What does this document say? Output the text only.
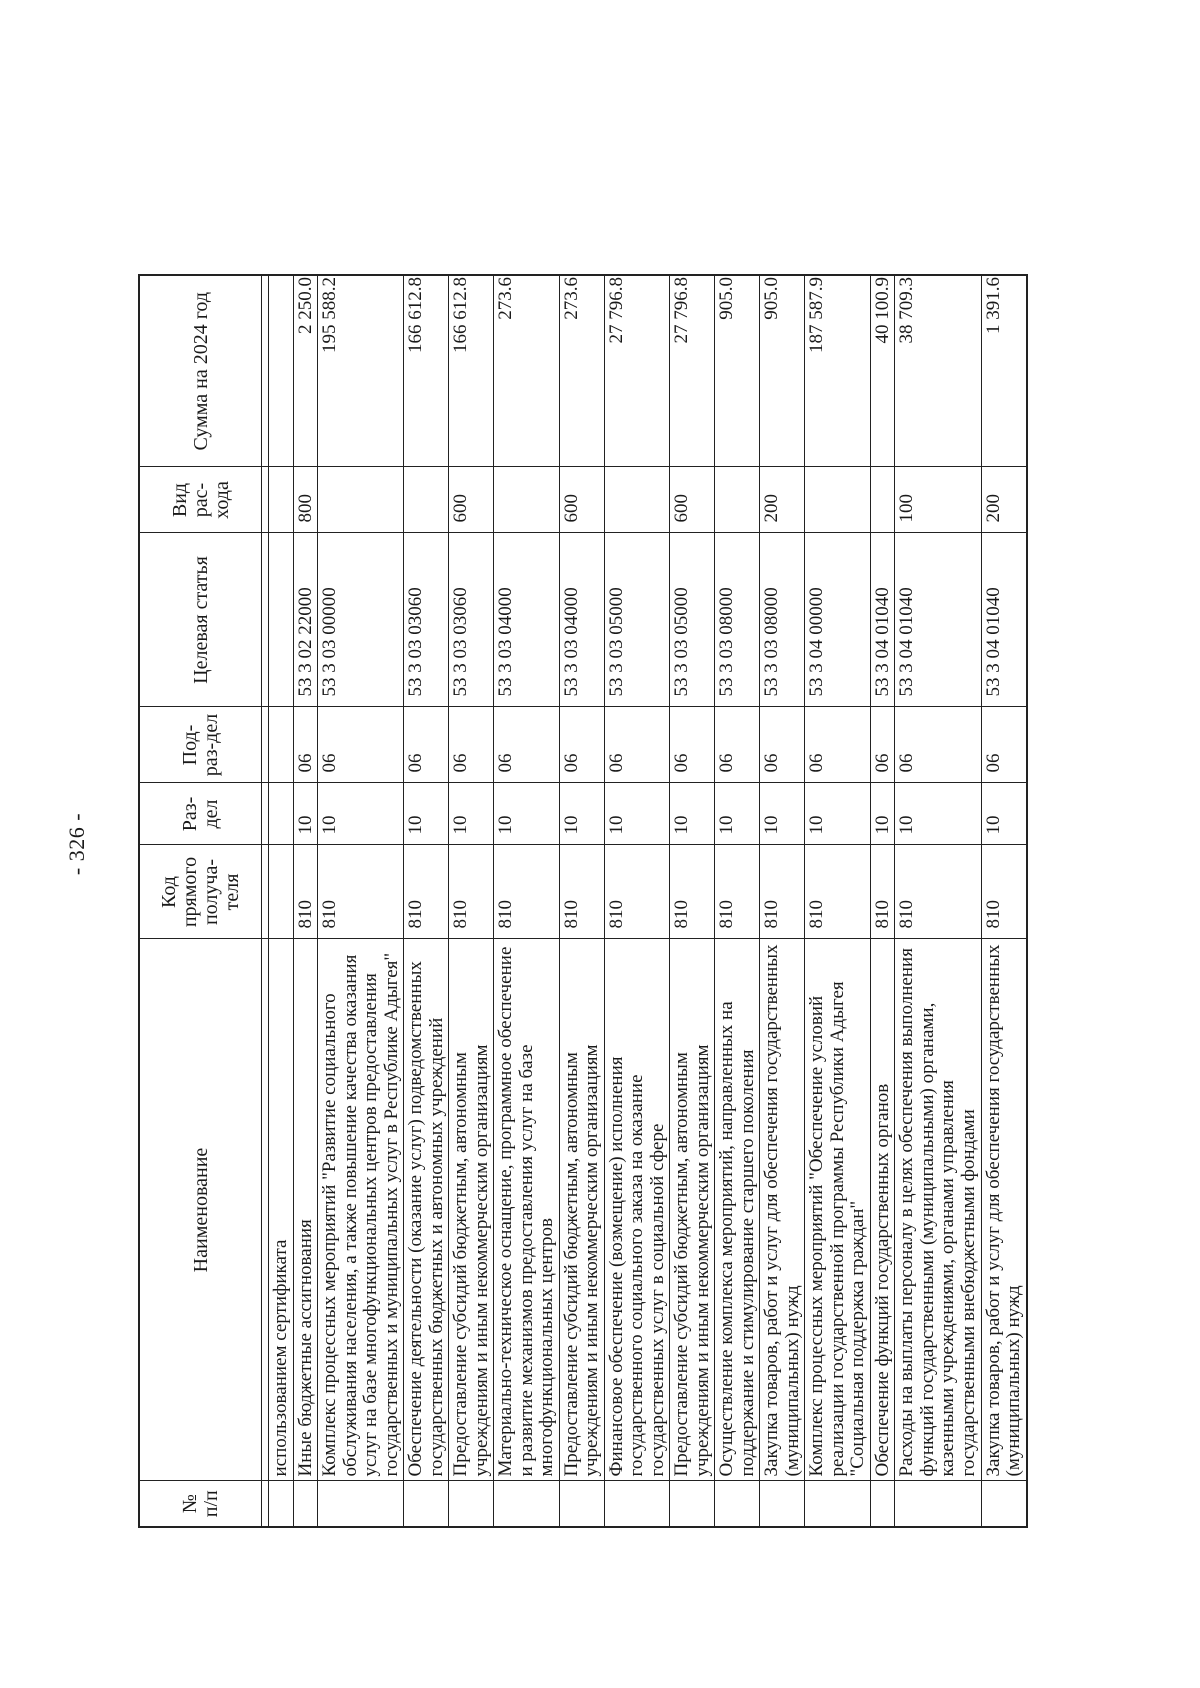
- 326 -
№ п/п	Наименование	Код прямого получа-теля	Раз-дел	Под-раз-дел	Целевая статья	Вид рас-хода	Сумма на 2024 год

	использованием сертификата						
	Иные бюджетные ассигнования	810	10	06	53 3 02 22000	800	2 250.0
	Комплекс процессных мероприятий "Развитие социального обслуживания населения, а также повышение качества оказания услуг на базе многофункциональных центров предоставления государственных и муниципальных услуг в Республике Адыгея"	810	10	06	53 3 03 00000		195 588.2
	Обеспечение деятельности (оказание услуг) подведомственных государственных бюджетных и автономных учреждений	810	10	06	53 3 03 03060		166 612.8
	Предоставление субсидий бюджетным, автономным учреждениям и иным некоммерческим организациям	810	10	06	53 3 03 03060	600	166 612.8
	Материально-техническое оснащение, программное обеспечение и развитие механизмов предоставления услуг на базе многофункциональных центров	810	10	06	53 3 03 04000		273.6
	Предоставление субсидий бюджетным, автономным учреждениям и иным некоммерческим организациям	810	10	06	53 3 03 04000	600	273.6
	Финансовое обеспечение (возмещение) исполнения государственного социального заказа на оказание государственных услуг в социальной сфере	810	10	06	53 3 03 05000		27 796.8
	Предоставление субсидий бюджетным, автономным учреждениям и иным некоммерческим организациям	810	10	06	53 3 03 05000	600	27 796.8
	Осуществление комплекса мероприятий, направленных на поддержание и стимулирование старшего поколения	810	10	06	53 3 03 08000		905.0
	Закупка товаров, работ и услуг для обеспечения государственных (муниципальных) нужд	810	10	06	53 3 03 08000	200	905.0
	Комплекс процессных мероприятий "Обеспечение условий реализации государственной программы Республики Адыгея "Социальная поддержка граждан"	810	10	06	53 3 04 00000		187 587.9
	Обеспечение функций государственных органов	810	10	06	53 3 04 01040		40 100.9
	Расходы на выплаты персоналу в целях обеспечения выполнения функций государственными (муниципальными) органами, казенными учреждениями, органами управления государственными внебюджетными фондами	810	10	06	53 3 04 01040	100	38 709.3
	Закупка товаров, работ и услуг для обеспечения государственных (муниципальных) нужд	810	10	06	53 3 04 01040	200	1 391.6
